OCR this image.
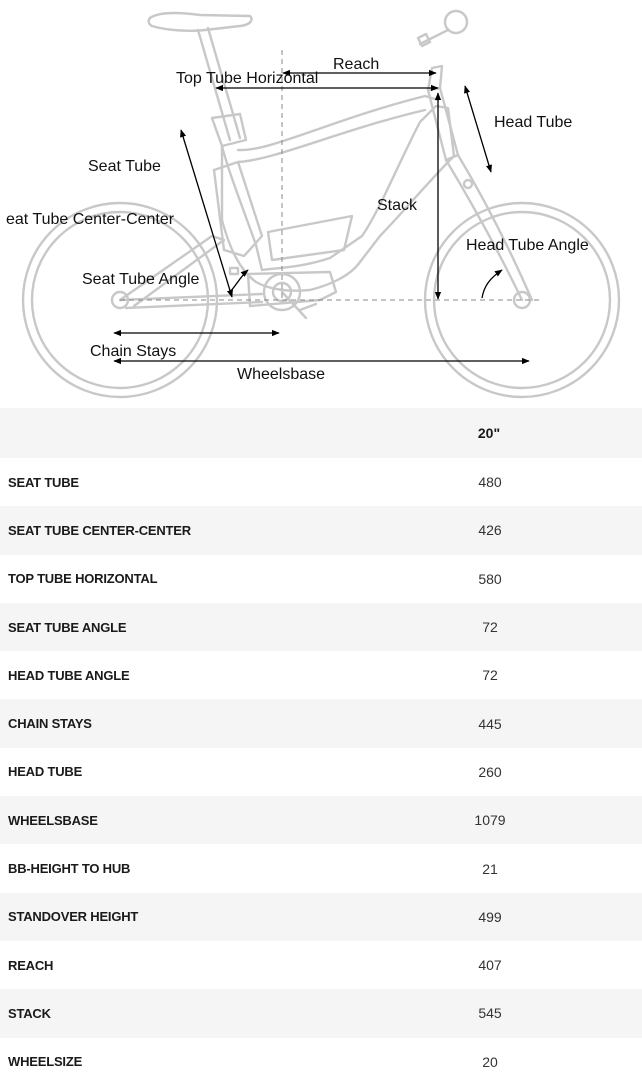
Reach
Top Tube Horizontal
Head Tube
Seat Tube
Stack
eat Tube Center-Center
Head Tube Angle
Seat Tube Angle
Chain Stays
Wheelsbase
	20"
SEAT TUBE	480
SEAT TUBE CENTER-CENTER	426
TOP TUBE HORIZONTAL	580
SEAT TUBE ANGLE	72
HEAD TUBE ANGLE	72
CHAIN STAYS	445
HEAD TUBE	260
WHEELSBASE	1079
BB-HEIGHT TO HUB	21
STANDOVER HEIGHT	499
REACH	407
STACK	545
WHEELSIZE	20
